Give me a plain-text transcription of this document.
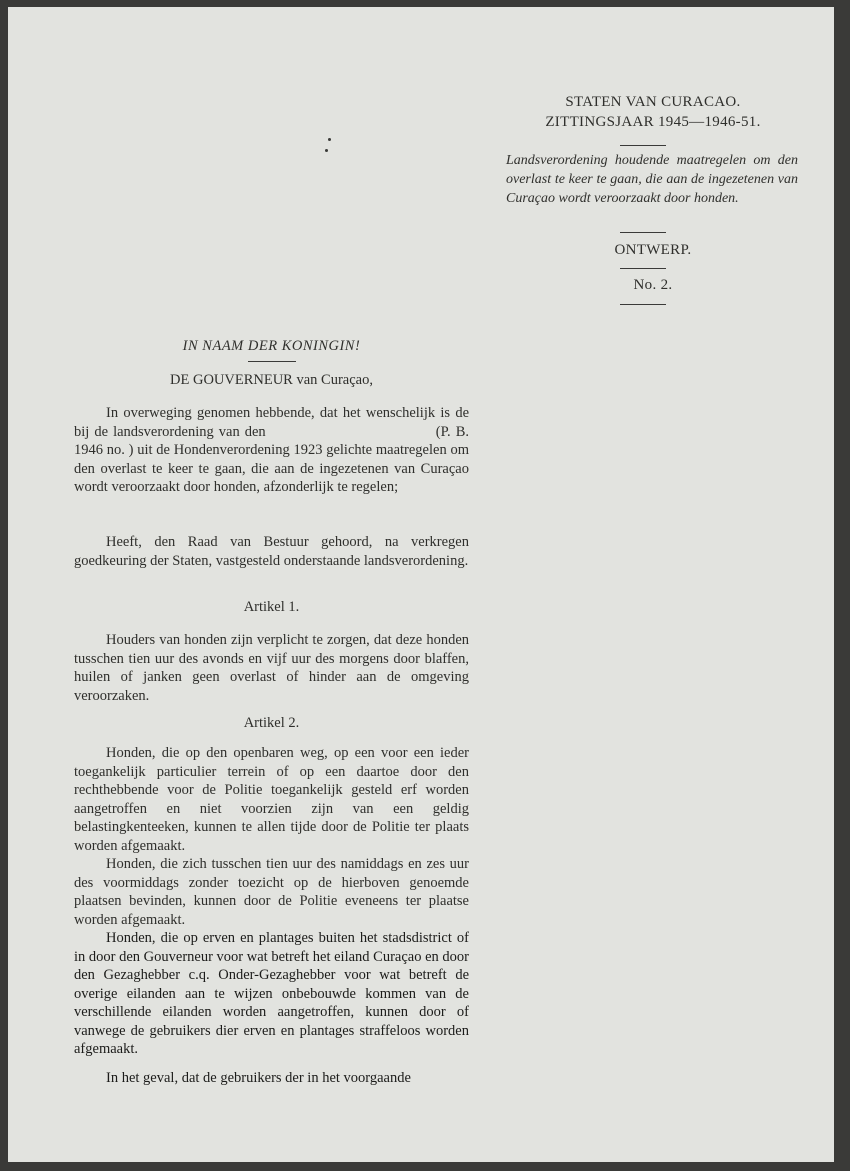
STATEN VAN CURACAO.
ZITTINGSJAAR 1945—1946-51.
Landsverordening houdende maatregelen om den overlast te keer te gaan, die aan de ingezetenen van Curaçao wordt veroorzaakt door honden.
ONTWERP.
No. 2.
IN NAAM DER KONINGIN!
DE GOUVERNEUR van Curaçao,
In overweging genomen hebbende, dat het wenschelijk is de bij de landsverordening van den	(P. B. 1946 no. ) uit de Hondenverordening 1923 gelichte maatregelen om den overlast te keer te gaan, die aan de ingezetenen van Curaçao wordt veroorzaakt door honden, afzonderlijk te regelen;
Heeft, den Raad van Bestuur gehoord, na verkregen goedkeuring der Staten, vastgesteld onderstaande landsverordening.
Artikel 1.
Houders van honden zijn verplicht te zorgen, dat deze honden tusschen tien uur des avonds en vijf uur des morgens door blaffen, huilen of janken geen overlast of hinder aan de omgeving veroorzaken.
Artikel 2.
Honden, die op den openbaren weg, op een voor een ieder toegankelijk particulier terrein of op een daartoe door den rechthebbende voor de Politie toegankelijk gesteld erf worden aangetroffen en niet voorzien zijn van een geldig belastingkenteeken, kunnen te allen tijde door de Politie ter plaats worden afgemaakt.
Honden, die zich tusschen tien uur des namiddags en zes uur des voormiddags zonder toezicht op de hierboven genoemde plaatsen bevinden, kunnen door de Politie eveneens ter plaatse worden afgemaakt.
Honden, die op erven en plantages buiten het stadsdistrict of in door den Gouverneur voor wat betreft het eiland Curaçao en door den Gezaghebber c.q. Onder-Gezaghebber voor wat betreft de overige eilanden aan te wijzen onbebouwde kommen van de verschillende eilanden worden aangetroffen, kunnen door of vanwege de gebruikers dier erven en plantages straffeloos worden afgemaakt.
In het geval, dat de gebruikers der in het voorgaande
